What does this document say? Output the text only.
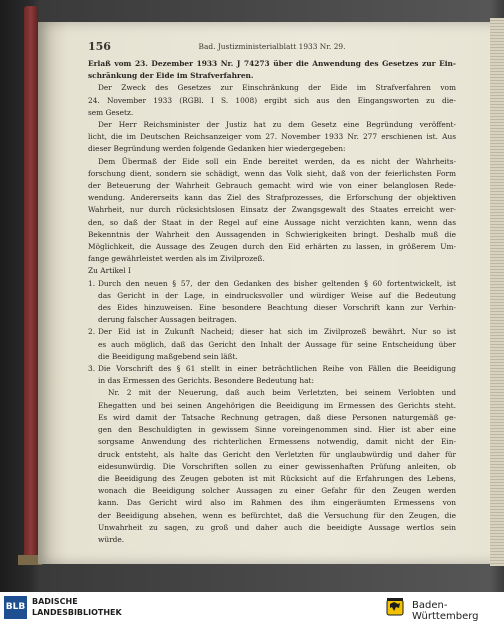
156	Bad. Justizministerialblatt 1933 Nr. 29.
Erlaß vom 23. Dezember 1933 Nr. J 74273 über die Anwendung des Gesetzes zur Ein-
schränkung der Eide im Strafverfahren.
Der Zweck des Gesetzes zur Einschränkung der Eide im Strafverfahren vom
24. November 1933 (RGBl. I S. 1008) ergibt sich aus den Eingangsworten zu die-
sem Gesetz.
Der Herr Reichsminister der Justiz hat zu dem Gesetz eine Begründung veröffent-
licht, die im Deutschen Reichsanzeiger vom 27. November 1933 Nr. 277 erschienen ist. Aus
dieser Begründung werden folgende Gedanken hier wiedergegeben:
Dem Übermaß der Eide soll ein Ende bereitet werden, da es nicht der Wahrheits-
forschung dient, sondern sie schädigt, wenn das Volk sieht, daß von der feierlichsten Form
der Beteuerung der Wahrheit Gebrauch gemacht wird wie von einer belanglosen Rede-
wendung. Andererseits kann das Ziel des Strafprozesses, die Erforschung der objektiven
Wahrheit, nur durch rücksichtslosen Einsatz der Zwangsgewalt des Staates erreicht wer-
den, so daß der Staat in der Regel auf eine Aussage nicht verzichten kann, wenn das
Bekenntnis der Wahrheit den Aussagenden in Schwierigkeiten bringt. Deshalb muß die
Möglichkeit, die Aussage des Zeugen durch den Eid erhärten zu lassen, in größerem Um-
fange gewährleistet werden als im Zivilprozeß.
Zu Artikel I
1. Durch den neuen § 57, der den Gedanken des bisher geltenden § 60 fortentwickelt, ist
das Gericht in der Lage, in eindrucksvoller und würdiger Weise auf die Bedeutung
des Eides hinzuweisen. Eine besondere Beachtung dieser Vorschrift kann zur Verhin-
derung falscher Aussagen beitragen.
2. Der Eid ist in Zukunft Nacheid; dieser hat sich im Zivilprozeß bewährt. Nur so ist
es auch möglich, daß das Gericht den Inhalt der Aussage für seine Entscheidung über
die Beeidigung maßgebend sein läßt.
3. Die Vorschrift des § 61 stellt in einer beträchtlichen Reihe von Fällen die Beeidigung
in das Ermessen des Gerichts. Besondere Bedeutung hat:
Nr. 2 mit der Neuerung, daß auch beim Verletzten, bei seinem Verlobten und
Ehegatten und bei seinen Angehörigen die Beeidigung im Ermessen des Gerichts steht.
Es wird damit der Tatsache Rechnung getragen, daß diese Personen naturgemäß ge-
gen den Beschuldigten in gewissem Sinne voreingenommen sind. Hier ist aber eine
sorgsame Anwendung des richterlichen Ermessens notwendig, damit nicht der Ein-
druck entsteht, als halte das Gericht den Verletzten für unglaubwürdig und daher für
eidesunwürdig. Die Vorschriften sollen zu einer gewissenhaften Prüfung anleiten, ob
die Beeidigung des Zeugen geboten ist mit Rücksicht auf die Erfahrungen des Lebens,
wonach die Beeidigung solcher Aussagen zu einer Gefahr für den Zeugen werden
kann. Das Gericht wird also im Rahmen des ihm eingeräumten Ermessens von
der Beeidigung absehen, wenn es befürchtet, daß die Versuchung für den Zeugen, die
Unwahrheit zu sagen, zu groß und daher auch die beeidigte Aussage wertlos sein
würde.
BLB
BADISCHE
LANDESBIBLIOTHEK
Baden-Württemberg
